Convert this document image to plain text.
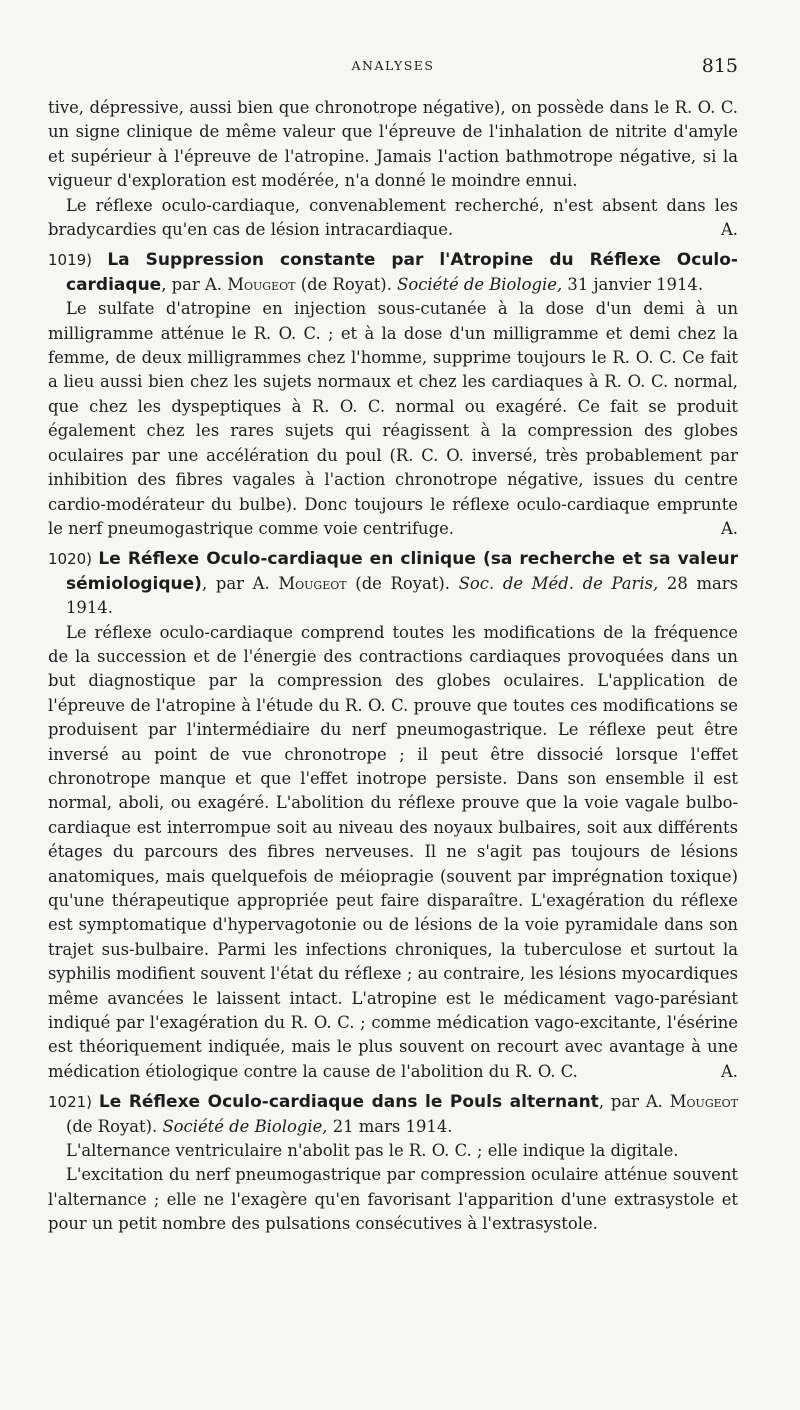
ANALYSES	815

tive, dépressive, aussi bien que chronotrope négative), on possède dans le R. O. C. un signe clinique de même valeur que l'épreuve de l'inhalation de nitrite d'amyle et supérieur à l'épreuve de l'atropine. Jamais l'action bathmotrope négative, si la vigueur d'exploration est modérée, n'a donné le moindre ennui.

Le réflexe oculo-cardiaque, convenablement recherché, n'est absent dans les bradycardies qu'en cas de lésion intracardiaque.	A.

1019) La Suppression constante par l'Atropine du Réflexe Oculo-cardiaque, par A. Mougeot (de Royat). Société de Biologie, 31 janvier 1914.

Le sulfate d'atropine en injection sous-cutanée à la dose d'un demi à un milligramme atténue le R. O. C. ; et à la dose d'un milligramme et demi chez la femme, de deux milligrammes chez l'homme, supprime toujours le R. O. C. Ce fait a lieu aussi bien chez les sujets normaux et chez les cardiaques à R. O. C. normal, que chez les dyspeptiques à R. O. C. normal ou exagéré. Ce fait se produit également chez les rares sujets qui réagissent à la compression des globes oculaires par une accélération du poul (R. C. O. inversé, très probablement par inhibition des fibres vagales à l'action chronotrope négative, issues du centre cardio-modérateur du bulbe). Donc toujours le réflexe oculo-cardiaque emprunte le nerf pneumogastrique comme voie centrifuge.	A.

1020) Le Réflexe Oculo-cardiaque en clinique (sa recherche et sa valeur sémiologique), par A. Mougeot (de Royat). Soc. de Méd. de Paris, 28 mars 1914.

Le réflexe oculo-cardiaque comprend toutes les modifications de la fréquence de la succession et de l'énergie des contractions cardiaques provoquées dans un but diagnostique par la compression des globes oculaires. L'application de l'épreuve de l'atropine à l'étude du R. O. C. prouve que toutes ces modifications se produisent par l'intermédiaire du nerf pneumogastrique. Le réflexe peut être inversé au point de vue chronotrope ; il peut être dissocié lorsque l'effet chronotrope manque et que l'effet inotrope persiste. Dans son ensemble il est normal, aboli, ou exagéré. L'abolition du réflexe prouve que la voie vagale bulbo-cardiaque est interrompue soit au niveau des noyaux bulbaires, soit aux différents étages du parcours des fibres nerveuses. Il ne s'agit pas toujours de lésions anatomiques, mais quelquefois de méiopragie (souvent par imprégnation toxique) qu'une thérapeutique appropriée peut faire disparaître. L'exagération du réflexe est symptomatique d'hypervagotonie ou de lésions de la voie pyramidale dans son trajet sus-bulbaire. Parmi les infections chroniques, la tuberculose et surtout la syphilis modifient souvent l'état du réflexe ; au contraire, les lésions myocardiques même avancées le laissent intact. L'atropine est le médicament vago-parésiant indiqué par l'exagération du R. O. C. ; comme médication vago-excitante, l'ésérine est théoriquement indiquée, mais le plus souvent on recourt avec avantage à une médication étiologique contre la cause de l'abolition du R. O. C.	A.

1021) Le Réflexe Oculo-cardiaque dans le Pouls alternant, par A. Mougeot (de Royat). Société de Biologie, 21 mars 1914.

L'alternance ventriculaire n'abolit pas le R. O. C. ; elle indique la digitale.

L'excitation du nerf pneumogastrique par compression oculaire atténue souvent l'alternance ; elle ne l'exagère qu'en favorisant l'apparition d'une extrasystole et pour un petit nombre des pulsations consécutives à l'extrasystole.
